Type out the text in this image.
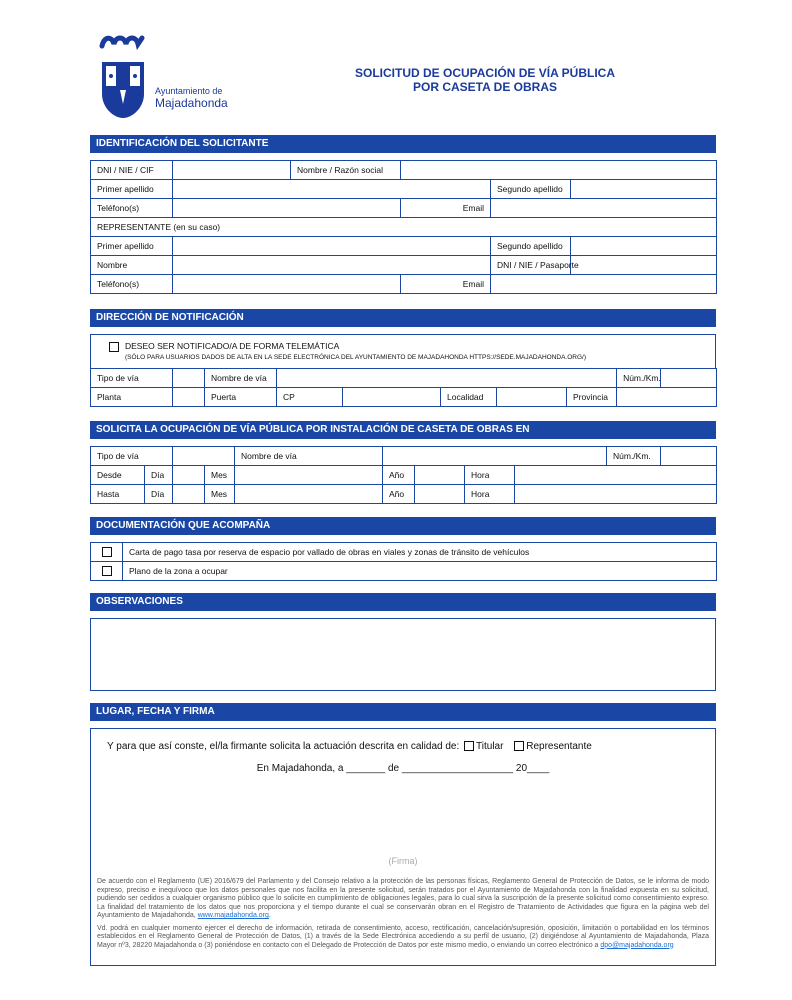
Ayuntamiento de
Majadahonda
SOLICITUD DE OCUPACIÓN DE VÍA PÚBLICA
POR CASETA DE OBRAS
IDENTIFICACIÓN DEL SOLICITANTE
DNI / NIE / CIF		Nombre / Razón social			
Primer apellido				Segundo apellido	
Teléfono(s)			Email		
REPRESENTANTE (en su caso)					
Primer apellido				Segundo apellido	
Nombre				DNI / NIE / Pasaporte	
Teléfono(s)			Email		
DIRECCIÓN DE NOTIFICACIÓN
DESEO SER NOTIFICADO/A DE FORMA TELEMÁTICA
(SÓLO PARA USUARIOS DADOS DE ALTA EN LA SEDE ELECTRÓNICA DEL AYUNTAMIENTO DE MAJADAHONDA HTTPS://SEDE.MAJADAHONDA.ORG/)
Tipo de vía		Nombre de vía						Núm./Km.	
Planta		Puerta	CP		Localidad		Provincia		
SOLICITA LA OCUPACIÓN DE VÍA PÚBLICA POR INSTALACIÓN DE CASETA DE OBRAS EN
Tipo de vía				Nombre de vía					Núm./Km.	
Desde	Día		Mes		Año		Hora			
Hasta	Día		Mes		Año		Hora			
DOCUMENTACIÓN QUE ACOMPAÑA
	Carta de pago tasa por reserva de espacio por vallado de obras en viales y zonas de tránsito de vehículos
	Plano de la zona a ocupar
OBSERVACIONES
LUGAR, FECHA Y FIRMA
Y para que así conste, el/la firmante solicita la actuación descrita en calidad de: Titular Representante
En Majadahonda, a _______ de ____________________ 20____
(Firma)
De acuerdo con el Reglamento (UE) 2016/679 del Parlamento y del Consejo relativo a la protección de las personas físicas, Reglamento General de Protección de Datos, se le informa de modo expreso, preciso e inequívoco que los datos personales que nos facilita en la presente solicitud, serán tratados por el Ayuntamiento de Majadahonda con la finalidad expuesta en su solicitud, pudiendo ser cedidos a cualquier organismo público que lo solicite en cumplimiento de obligaciones legales, para lo cual sirva la suscripción de la presente solicitud como consentimiento expreso. La finalidad del tratamiento de los datos que nos proporciona y el tiempo durante el cual se conservarán obran en el Registro de Tratamiento de Actividades que figura en la página web del Ayuntamiento de Majadahonda, www.majadahonda.org.
Vd. podrá en cualquier momento ejercer el derecho de información, retirada de consentimiento, acceso, rectificación, cancelación/supresión, oposición, limitación o portabilidad en los términos establecidos en el Reglamento General de Protección de Datos, (1) a través de la Sede Electrónica accediendo a su perfil de usuario, (2) dirigiéndose al Ayuntamiento de Majadahonda, Plaza Mayor nº3, 28220 Majadahonda o (3) poniéndose en contacto con el Delegado de Protección de Datos por este mismo medio, o enviando un correo electrónico a dpo@majadahonda.org
